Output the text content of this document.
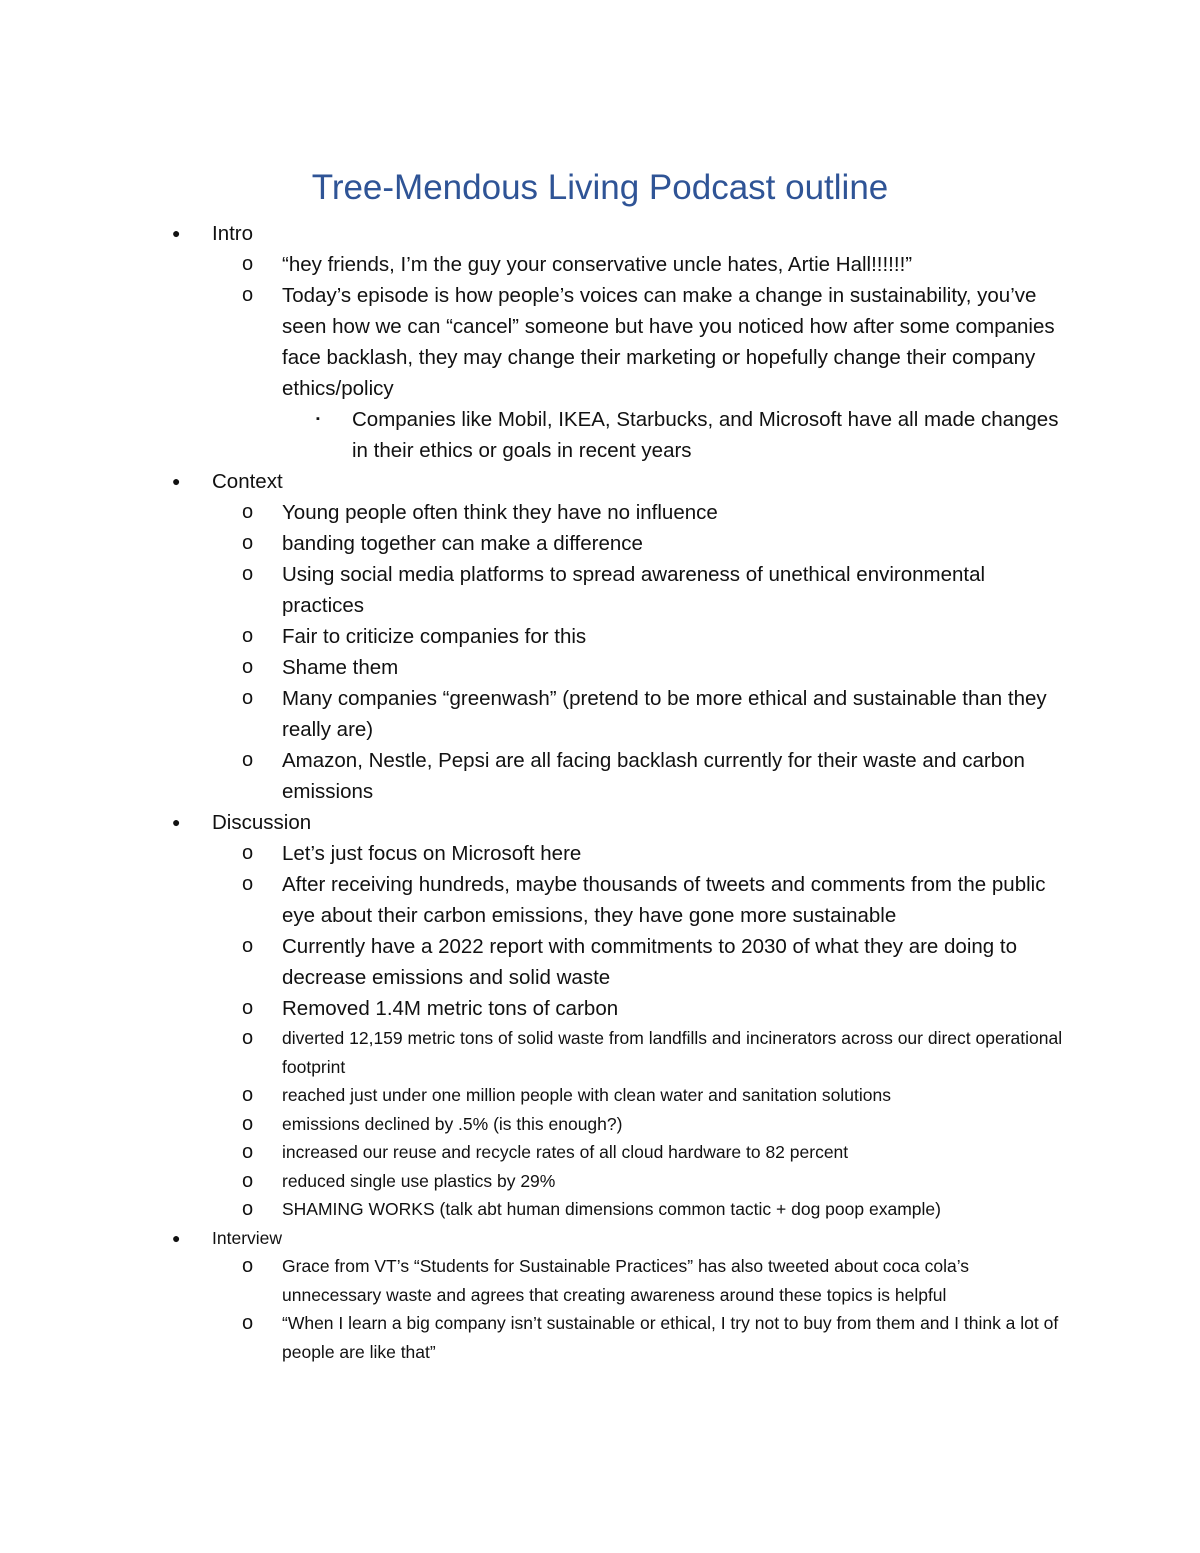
Tree-Mendous Living Podcast outline
●	Intro
o	“hey friends, I’m the guy your conservative uncle hates, Artie Hall!!!!!!”
o	Today’s episode is how people’s voices can make a change in sustainability, you’ve seen how we can “cancel” someone but have you noticed how after some companies face backlash, they may change their marketing or hopefully change their company ethics/policy
▪	Companies like Mobil, IKEA, Starbucks, and Microsoft have all made changes in their ethics or goals in recent years
●	Context
o	Young people often think they have no influence
o	banding together can make a difference
o	Using social media platforms to spread awareness of unethical environmental practices
o	Fair to criticize companies for this
o	Shame them
o	Many companies “greenwash” (pretend to be more ethical and sustainable than they really are)
o	Amazon, Nestle, Pepsi are all facing backlash currently for their waste and carbon emissions
●	Discussion
o	Let’s just focus on Microsoft here
o	After receiving hundreds, maybe thousands of tweets and comments from the public eye about their carbon emissions, they have gone more sustainable
o	Currently have a 2022 report with commitments to 2030 of what they are doing to decrease emissions and solid waste
o	Removed 1.4M metric tons of carbon
o	diverted 12,159 metric tons of solid waste from landfills and incinerators across our direct operational footprint
o	reached just under one million people with clean water and sanitation solutions
o	emissions declined by .5% (is this enough?)
o	increased our reuse and recycle rates of all cloud hardware to 82 percent
o	reduced single use plastics by 29%
o	SHAMING WORKS (talk abt human dimensions common tactic + dog poop example)
●	Interview
o	Grace from VT’s “Students for Sustainable Practices” has also tweeted about coca cola’s unnecessary waste and agrees that creating awareness around these topics is helpful
o	“When I learn a big company isn’t sustainable or ethical, I try not to buy from them and I think a lot of people are like that”
